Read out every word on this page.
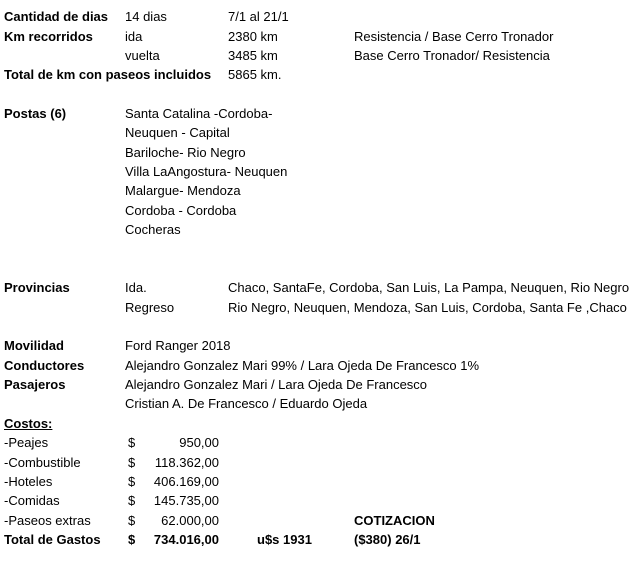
Cantidad de dias 14 dias	7/1 al 21/1
Km recorridos ida	2380 km	Resistencia / Base Cerro Tronador
vuelta	3485 km	Base Cerro Tronador/ Resistencia
Total de km con paseos incluidos 5865 km.
Postas (6)	Santa Catalina -Cordoba-
Neuquen - Capital
Bariloche- Rio Negro
Villa LaAngostura- Neuquen
Malargue- Mendoza
Cordoba - Cordoba
Cocheras
Provincias	Ida.	Chaco, SantaFe, Cordoba, San Luis, La Pampa, Neuquen, Rio Negro
Regreso	Rio Negro, Neuquen, Mendoza, San Luis, Cordoba, Santa Fe ,Chaco
Movilidad	Ford Ranger 2018
Conductores	Alejandro Gonzalez Mari 99% / Lara Ojeda De Francesco 1%
Pasajeros	Alejandro Gonzalez Mari / Lara Ojeda De Francesco
Cristian A. De Francesco / Eduardo Ojeda
Costos:
-Peajes	$	950,00
-Combustible	$	118.362,00
-Hoteles	$	406.169,00
-Comidas	$	145.735,00
-Paseos extras	$	62.000,00	COTIZACION
Total de Gastos $	734.016,00	u$s 1931	($380) 26/1
